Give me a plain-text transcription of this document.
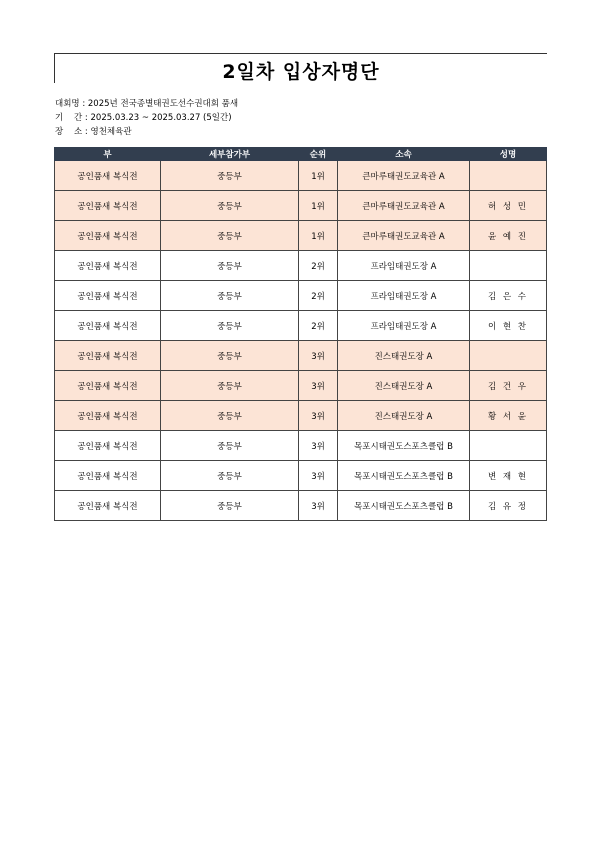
2일차 입상자명단
대회명 : 2025년 전국종별태권도선수권대회 품새
기    간 : 2025.03.23 ~ 2025.03.27 (5일간)
장    소 : 영천체육관
부	세부참가부	순위	소속	성명
공인품새 복식전	중등부	1위	큰마루태권도교육관 A	
공인품새 복식전	중등부	1위	큰마루태권도교육관 A	허 성 민
공인품새 복식전	중등부	1위	큰마루태권도교육관 A	윤 예 진
공인품새 복식전	중등부	2위	프라임태권도장 A	
공인품새 복식전	중등부	2위	프라임태권도장 A	김 은 수
공인품새 복식전	중등부	2위	프라임태권도장 A	이 현 찬
공인품새 복식전	중등부	3위	진스태권도장 A	
공인품새 복식전	중등부	3위	진스태권도장 A	김 건 우
공인품새 복식전	중등부	3위	진스태권도장 A	황 서 윤
공인품새 복식전	중등부	3위	목포시태권도스포츠클럽 B	
공인품새 복식전	중등부	3위	목포시태권도스포츠클럽 B	변 재 현
공인품새 복식전	중등부	3위	목포시태권도스포츠클럽 B	김 유 정
